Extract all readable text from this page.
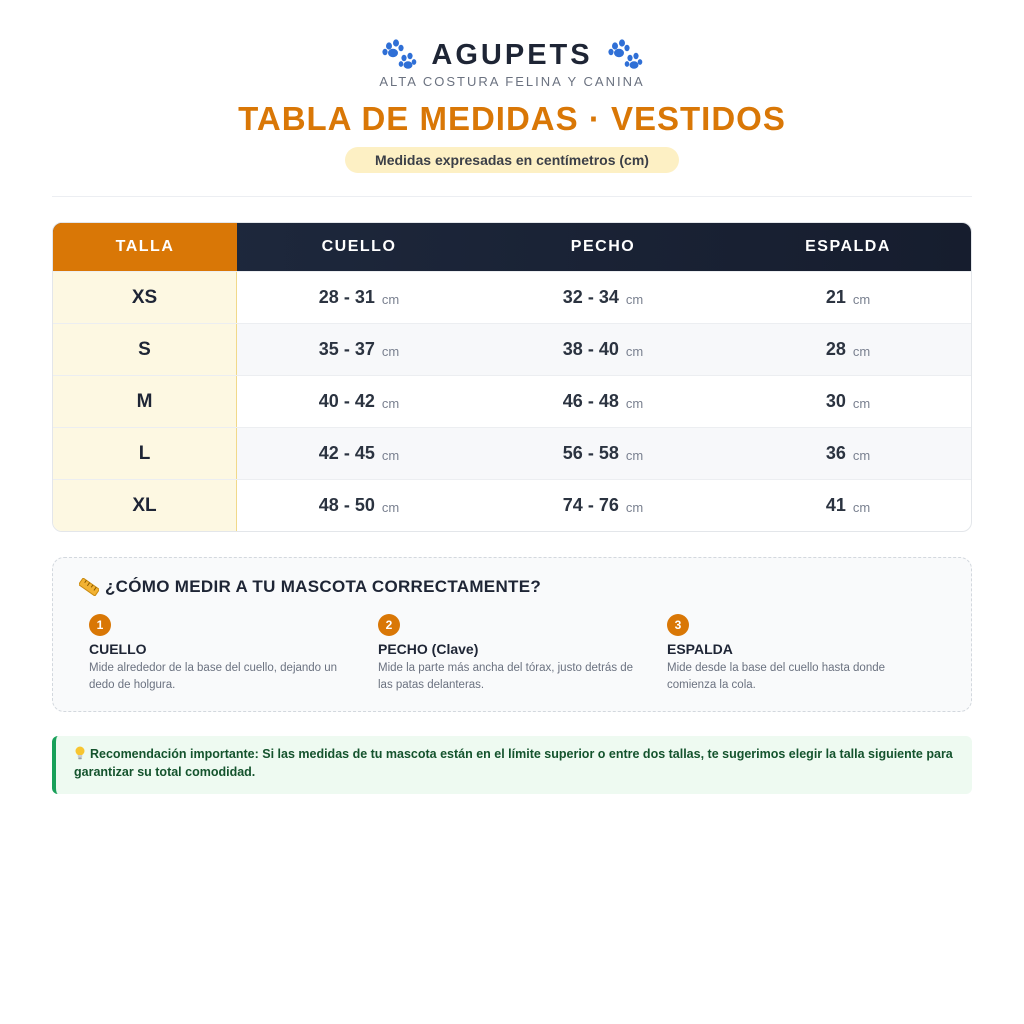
AGUPETS
ALTA COSTURA FELINA Y CANINA
TABLA DE MEDIDAS · VESTIDOS
Medidas expresadas en centímetros (cm)
TALLA	CUELLO	PECHO	ESPALDA
XS	28 - 31 cm	32 - 34 cm	21 cm
S	35 - 37 cm	38 - 40 cm	28 cm
M	40 - 42 cm	46 - 48 cm	30 cm
L	42 - 45 cm	56 - 58 cm	36 cm
XL	48 - 50 cm	74 - 76 cm	41 cm
¿CÓMO MEDIR A TU MASCOTA CORRECTAMENTE?
1
CUELLO
Mide alrededor de la base del cuello, dejando un dedo de holgura.
2
PECHO (Clave)
Mide la parte más ancha del tórax, justo detrás de las patas delanteras.
3
ESPALDA
Mide desde la base del cuello hasta donde comienza la cola.
Recomendación importante: Si las medidas de tu mascota están en el límite superior o entre dos tallas, te sugerimos elegir la talla siguiente para garantizar su total comodidad.
